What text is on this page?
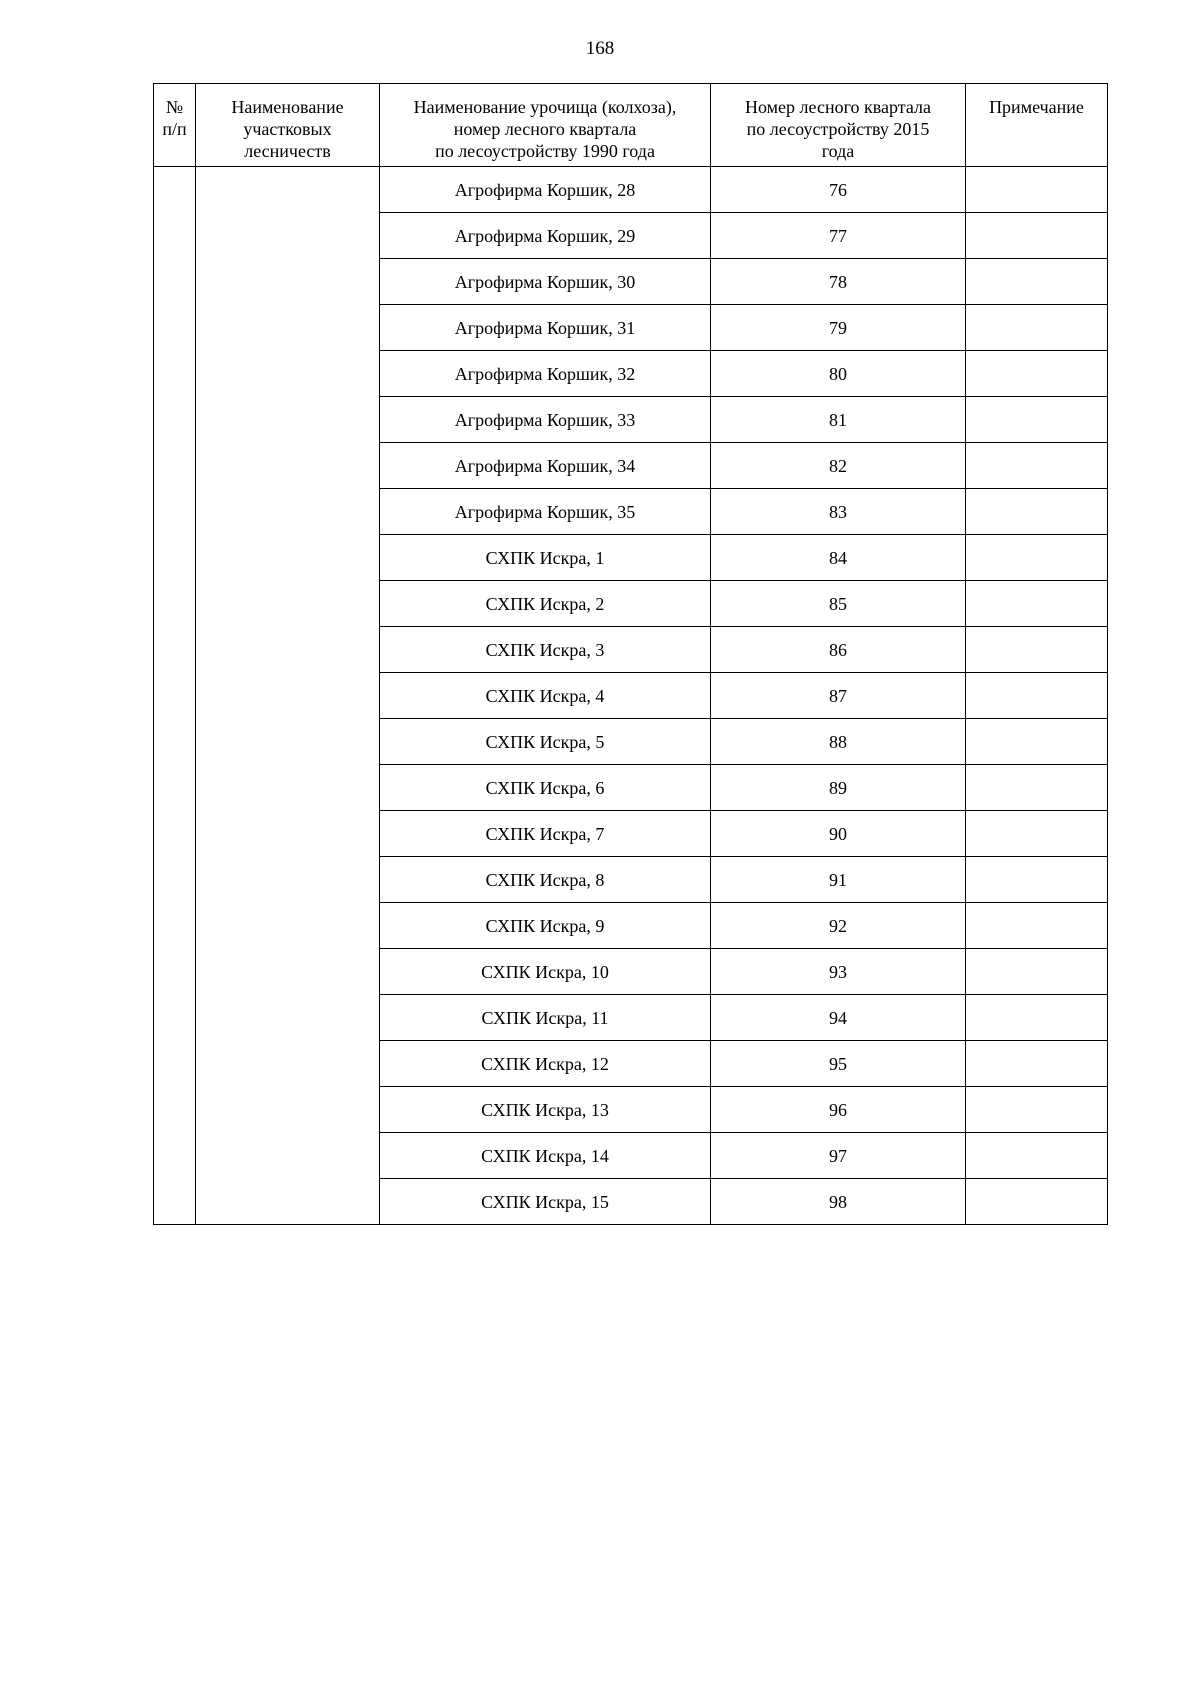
168
№
п/п	Наименование
участковых
лесничеств	Наименование урочища (колхоза),
номер лесного квартала
по лесоустройству 1990 года	Номер лесного квартала
по лесоустройству 2015
года	Примечание
		Агрофирма Коршик, 28	76	
		Агрофирма Коршик, 29	77	
		Агрофирма Коршик, 30	78	
		Агрофирма Коршик, 31	79	
		Агрофирма Коршик, 32	80	
		Агрофирма Коршик, 33	81	
		Агрофирма Коршик, 34	82	
		Агрофирма Коршик, 35	83	
		СХПК Искра, 1	84	
		СХПК Искра, 2	85	
		СХПК Искра, 3	86	
		СХПК Искра, 4	87	
		СХПК Искра, 5	88	
		СХПК Искра, 6	89	
		СХПК Искра, 7	90	
		СХПК Искра, 8	91	
		СХПК Искра, 9	92	
		СХПК Искра, 10	93	
		СХПК Искра, 11	94	
		СХПК Искра, 12	95	
		СХПК Искра, 13	96	
		СХПК Искра, 14	97	
		СХПК Искра, 15	98	
